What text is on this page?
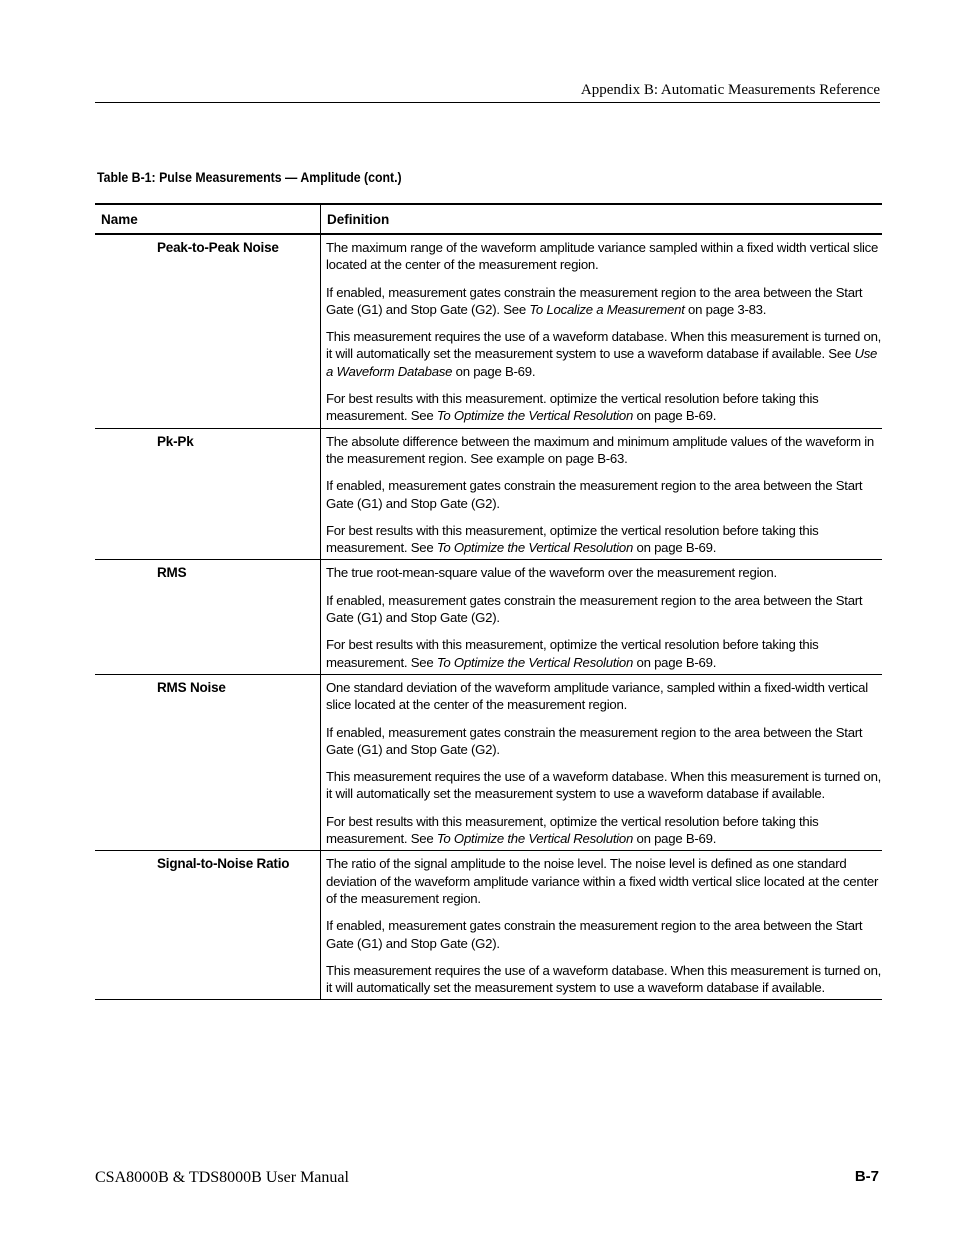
Appendix B: Automatic Measurements Reference
Table B-1: Pulse Measurements — Amplitude (cont.)
Name	Definition
Peak-to-Peak Noise	The maximum range of the waveform amplitude variance sampled within a fixed width vertical slice located at the center of the measurement region.

If enabled, measurement gates constrain the measurement region to the area between the Start Gate (G1) and Stop Gate (G2). See To Localize a Measurement on page 3-83.

This measurement requires the use of a waveform database. When this measurement is turned on, it will automatically set the measurement system to use a waveform database if available. See Use a Waveform Database on page B-69.

For best results with this measurement. optimize the vertical resolution before taking this measurement. See To Optimize the Vertical Resolution on page B-69.

Pk-Pk	The absolute difference between the maximum and minimum amplitude values of the waveform in the measurement region. See example on page B-63.

If enabled, measurement gates constrain the measurement region to the area between the Start Gate (G1) and Stop Gate (G2).

For best results with this measurement, optimize the vertical resolution before taking this measurement. See To Optimize the Vertical Resolution on page B-69.

RMS	The true root-mean-square value of the waveform over the measurement region.

If enabled, measurement gates constrain the measurement region to the area between the Start Gate (G1) and Stop Gate (G2).

For best results with this measurement, optimize the vertical resolution before taking this measurement. See To Optimize the Vertical Resolution on page B-69.

RMS Noise	One standard deviation of the waveform amplitude variance, sampled within a fixed-width vertical slice located at the center of the measurement region.

If enabled, measurement gates constrain the measurement region to the area between the Start Gate (G1) and Stop Gate (G2).

This measurement requires the use of a waveform database. When this measurement is turned on, it will automatically set the measurement system to use a waveform database if available.

For best results with this measurement, optimize the vertical resolution before taking this measurement. See To Optimize the Vertical Resolution on page B-69.

Signal-to-Noise Ratio	The ratio of the signal amplitude to the noise level. The noise level is defined as one standard deviation of the waveform amplitude variance within a fixed width vertical slice located at the center of the measurement region.

If enabled, measurement gates constrain the measurement region to the area between the Start Gate (G1) and Stop Gate (G2).

This measurement requires the use of a waveform database. When this measurement is turned on, it will automatically set the measurement system to use a waveform database if available.

CSA8000B & TDS8000B User Manual	B-7
